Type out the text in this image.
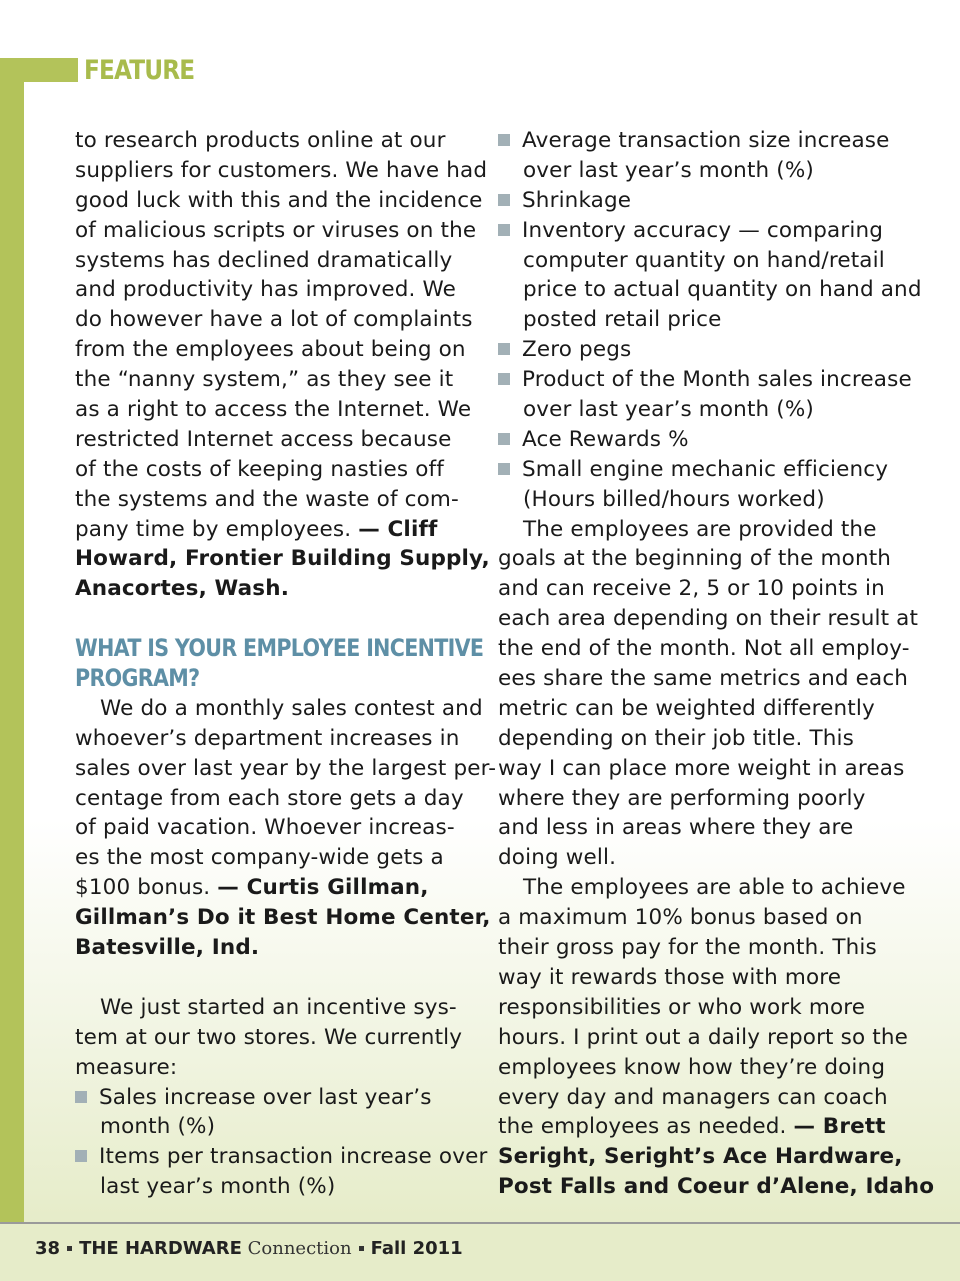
FEATURE
to research products online at our
suppliers for customers. We have had
good luck with this and the incidence
of malicious scripts or viruses on the
systems has declined dramatically
and productivity has improved. We
do however have a lot of complaints
from the employees about being on
the “nanny system,” as they see it
as a right to access the Internet. We
restricted Internet access because
of the costs of keeping nasties off
the systems and the waste of com-
pany time by employees. — Cliff
Howard, Frontier Building Supply,
Anacortes, Wash.
WHAT IS YOUR EMPLOYEE INCENTIVE
PROGRAM?
We do a monthly sales contest and
whoever’s department increases in
sales over last year by the largest per-
centage from each store gets a day
of paid vacation. Whoever increas-
es the most company-wide gets a
$100 bonus. — Curtis Gillman,
Gillman’s Do it Best Home Center,
Batesville, Ind.
We just started an incentive sys-
tem at our two stores. We currently
measure:
Sales increase over last year’s
month (%)
Items per transaction increase over
last year’s month (%)
Average transaction size increase
over last year’s month (%)
Shrinkage
Inventory accuracy — comparing
computer quantity on hand/retail
price to actual quantity on hand and
posted retail price
Zero pegs
Product of the Month sales increase
over last year’s month (%)
Ace Rewards %
Small engine mechanic efficiency
(Hours billed/hours worked)
The employees are provided the
goals at the beginning of the month
and can receive 2, 5 or 10 points in
each area depending on their result at
the end of the month. Not all employ-
ees share the same metrics and each
metric can be weighted differently
depending on their job title. This
way I can place more weight in areas
where they are performing poorly
and less in areas where they are
doing well.
The employees are able to achieve
a maximum 10% bonus based on
their gross pay for the month. This
way it rewards those with more
responsibilities or who work more
hours. I print out a daily report so the
employees know how they’re doing
every day and managers can coach
the employees as needed. — Brett
Seright, Seright’s Ace Hardware,
Post Falls and Coeur d’Alene, Idaho
38 THE HARDWARE Connection Fall 2011
